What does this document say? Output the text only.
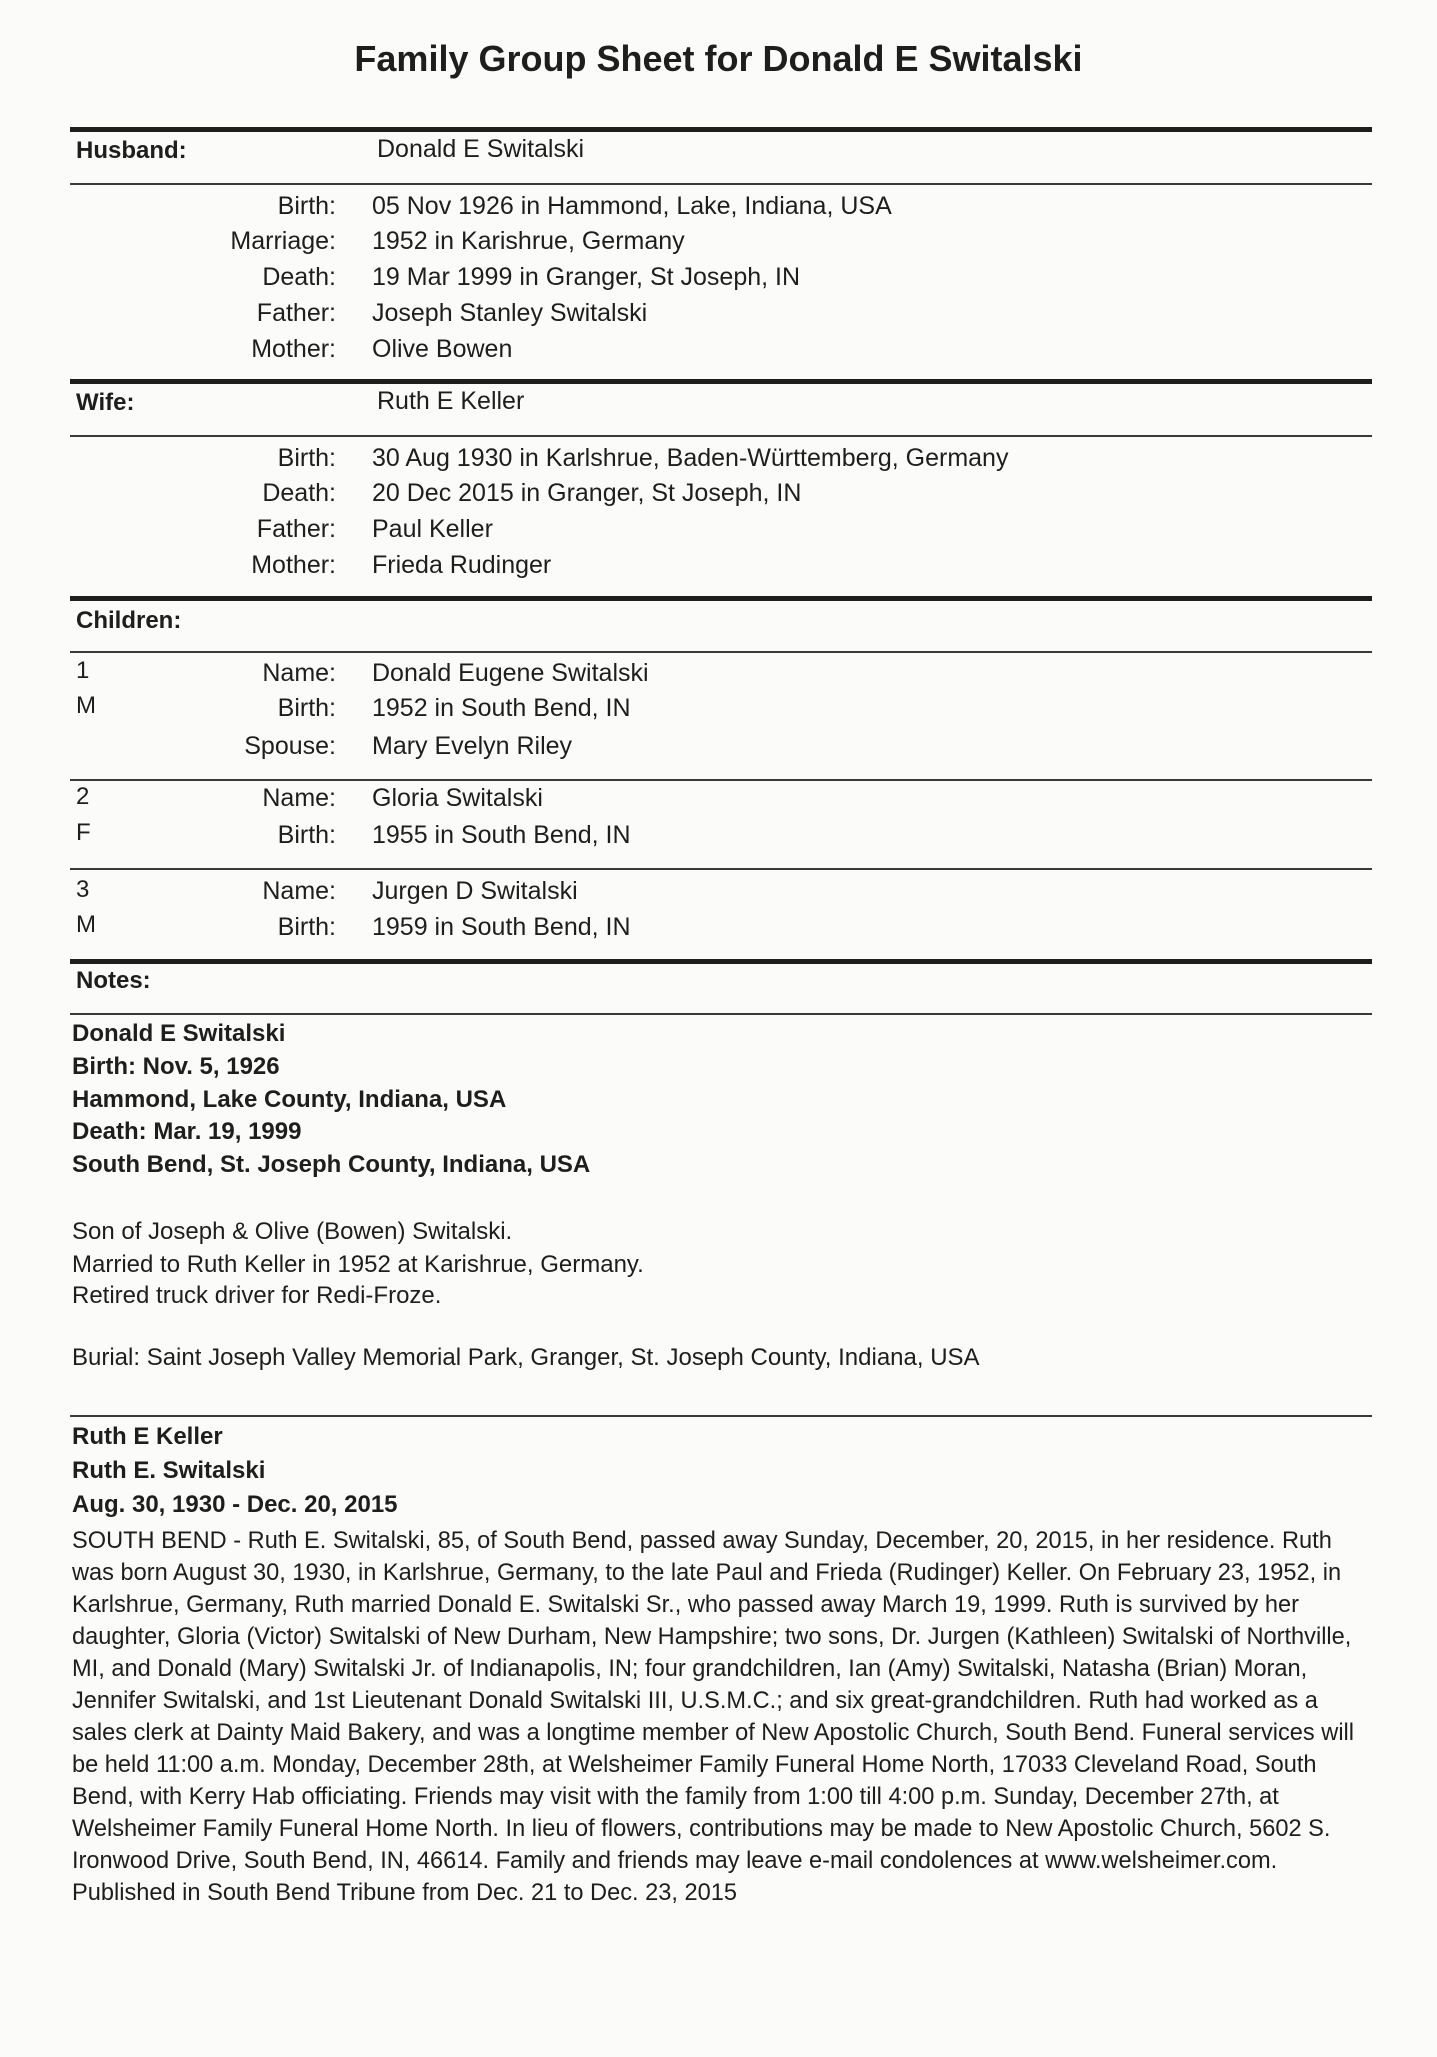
Family Group Sheet for Donald E Switalski
Husband:	Donald E Switalski
Birth: 05 Nov 1926 in Hammond, Lake, Indiana, USA
Marriage: 1952 in Karishrue, Germany
Death: 19 Mar 1999 in Granger, St Joseph, IN
Father: Joseph Stanley Switalski
Mother: Olive Bowen
Wife:	Ruth E Keller
Birth: 30 Aug 1930 in Karlshrue, Baden-Württemberg, Germany
Death: 20 Dec 2015 in Granger, St Joseph, IN
Father: Paul Keller
Mother: Frieda Rudinger
Children:
1
M
Name: Donald Eugene Switalski
Birth: 1952 in South Bend, IN
Spouse: Mary Evelyn Riley
2
F
Name: Gloria Switalski
Birth: 1955 in South Bend, IN
3
M
Name: Jurgen D Switalski
Birth: 1959 in South Bend, IN
Notes:
Donald E Switalski
Birth: Nov. 5, 1926
Hammond, Lake County, Indiana, USA
Death: Mar. 19, 1999
South Bend, St. Joseph County, Indiana, USA
Son of Joseph & Olive (Bowen) Switalski.
Married to Ruth Keller in 1952 at Karishrue, Germany.
Retired truck driver for Redi-Froze.
Burial: Saint Joseph Valley Memorial Park, Granger, St. Joseph County, Indiana, USA
Ruth E Keller
Ruth E. Switalski
Aug. 30, 1930 - Dec. 20, 2015

SOUTH BEND - Ruth E. Switalski, 85, of South Bend, passed away Sunday, December, 20, 2015, in her residence. Ruth was born August 30, 1930, in Karlshrue, Germany, to the late Paul and Frieda (Rudinger) Keller. On February 23, 1952, in Karlshrue, Germany, Ruth married Donald E. Switalski Sr., who passed away March 19, 1999. Ruth is survived by her daughter, Gloria (Victor) Switalski of New Durham, New Hampshire; two sons, Dr. Jurgen (Kathleen) Switalski of Northville, MI, and Donald (Mary) Switalski Jr. of Indianapolis, IN; four grandchildren, Ian (Amy) Switalski, Natasha (Brian) Moran, Jennifer Switalski, and 1st Lieutenant Donald Switalski III, U.S.M.C.; and six great-grandchildren. Ruth had worked as a sales clerk at Dainty Maid Bakery, and was a longtime member of New Apostolic Church, South Bend. Funeral services will be held 11:00 a.m. Monday, December 28th, at Welsheimer Family Funeral Home North, 17033 Cleveland Road, South Bend, with Kerry Hab officiating. Friends may visit with the family from 1:00 till 4:00 p.m. Sunday, December 27th, at Welsheimer Family Funeral Home North. In lieu of flowers, contributions may be made to New Apostolic Church, 5602 S. Ironwood Drive, South Bend, IN, 46614. Family and friends may leave e-mail condolences at www.welsheimer.com. Published in South Bend Tribune from Dec. 21 to Dec. 23, 2015
